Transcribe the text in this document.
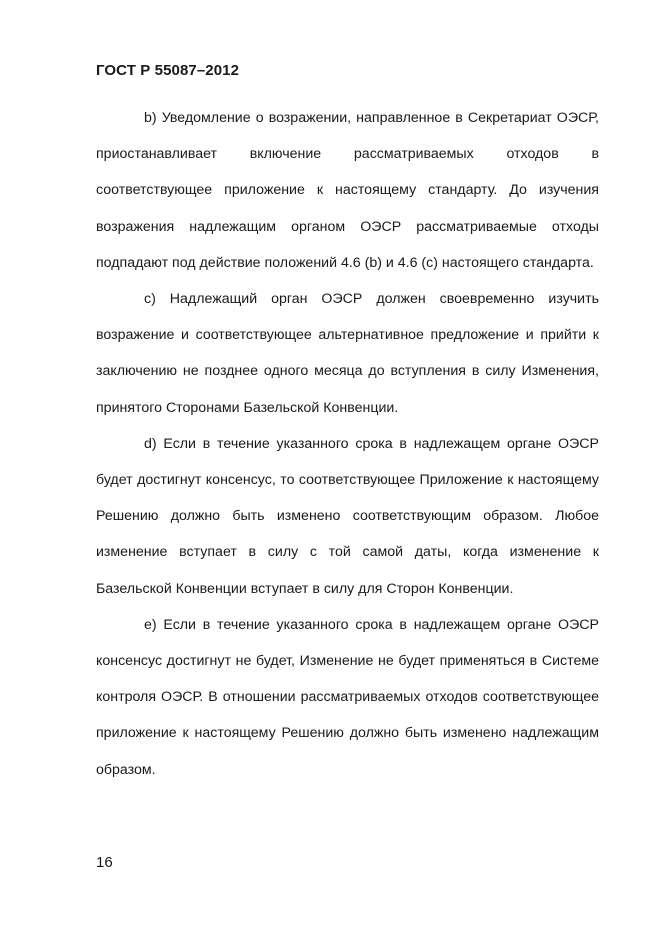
ГОСТ Р 55087–2012

b) Уведомление о возражении, направленное в Секретариат ОЭСР, приостанавливает включение рассматриваемых отходов в соответствующее приложение к настоящему стандарту. До изучения возражения надлежащим органом ОЭСР рассматриваемые отходы подпадают под действие положений 4.6 (b) и 4.6 (c) настоящего стандарта.

c) Надлежащий орган ОЭСР должен своевременно изучить возражение и соответствующее альтернативное предложение и прийти к заключению не позднее одного месяца до вступления в силу Изменения, принятого Сторонами Базельской Конвенции.

d) Если в течение указанного срока в надлежащем органе ОЭСР будет достигнут консенсус, то соответствующее Приложение к настоящему Решению должно быть изменено соответствующим образом. Любое изменение вступает в силу с той самой даты, когда изменение к Базельской Конвенции вступает в силу для Сторон Конвенции.

e) Если в течение указанного срока в надлежащем органе ОЭСР консенсус достигнут не будет, Изменение не будет применяться в Системе контроля ОЭСР. В отношении рассматриваемых отходов соответствующее приложение к настоящему Решению должно быть изменено надлежащим образом.

16
